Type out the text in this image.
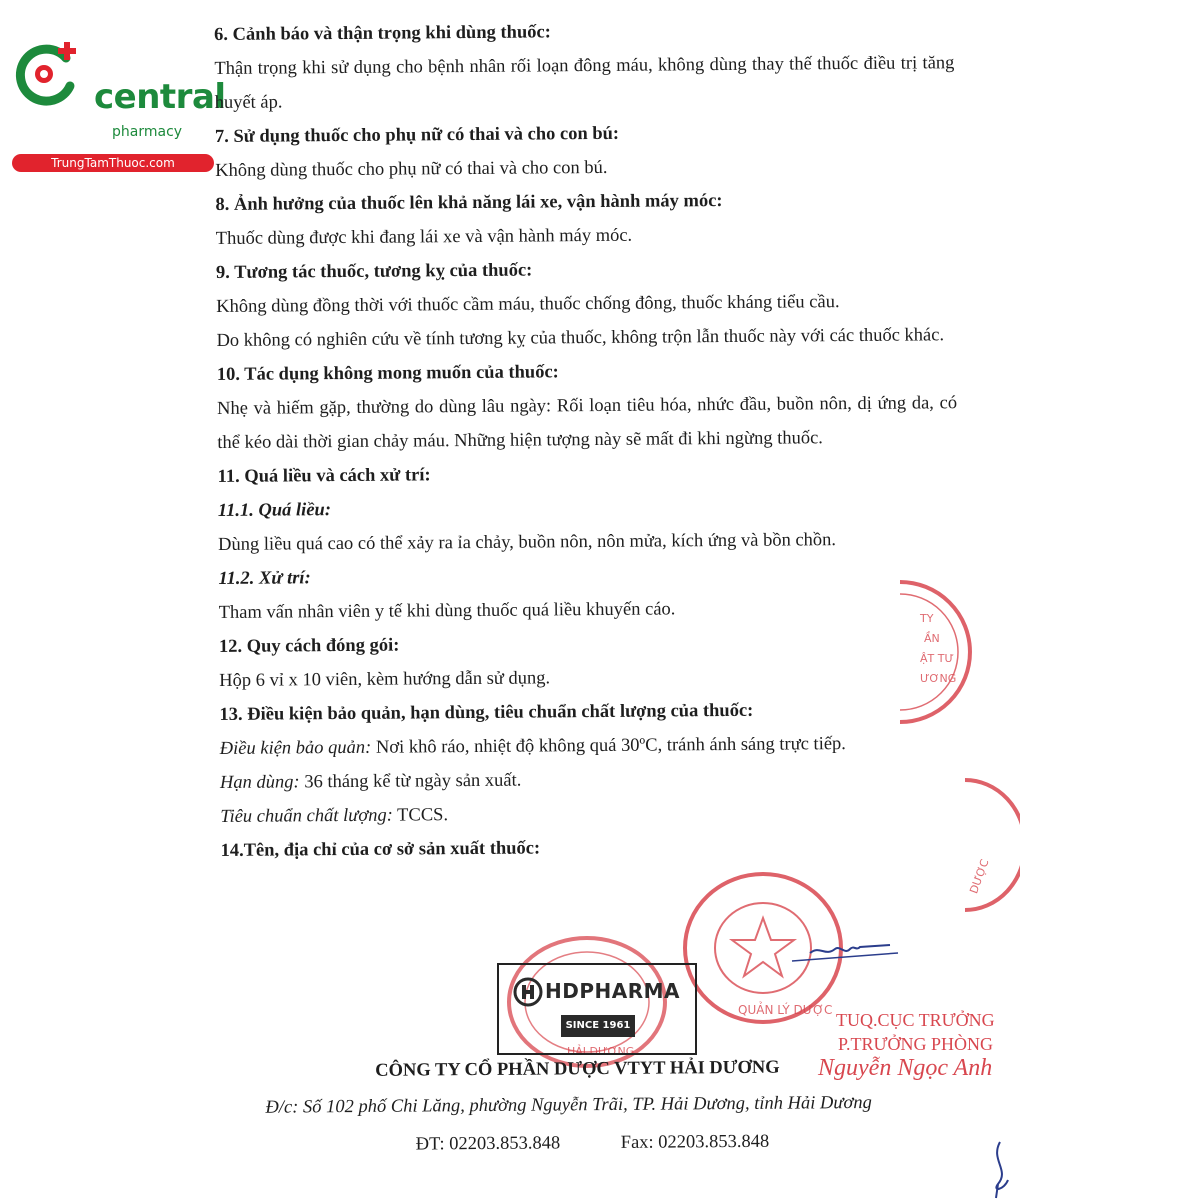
central
pharmacy
TrungTamThuoc.com

6. Cảnh báo và thận trọng khi dùng thuốc:

Thận trọng khi sử dụng cho bệnh nhân rối loạn đông máu, không dùng thay thế thuốc điều trị tăng huyết áp.

7. Sử dụng thuốc cho phụ nữ có thai và cho con bú:

Không dùng thuốc cho phụ nữ có thai và cho con bú.

8. Ảnh hưởng của thuốc lên khả năng lái xe, vận hành máy móc:

Thuốc dùng được khi đang lái xe và vận hành máy móc.

9. Tương tác thuốc, tương kỵ của thuốc:

Không dùng đồng thời với thuốc cầm máu, thuốc chống đông, thuốc kháng tiểu cầu.

Do không có nghiên cứu về tính tương kỵ của thuốc, không trộn lẫn thuốc này với các thuốc khác.

10. Tác dụng không mong muốn của thuốc:

Nhẹ và hiếm gặp, thường do dùng lâu ngày: Rối loạn tiêu hóa, nhức đầu, buồn nôn, dị ứng da, có thể kéo dài thời gian chảy máu. Những hiện tượng này sẽ mất đi khi ngừng thuốc.

11. Quá liều và cách xử trí:

11.1. Quá liều:

Dùng liều quá cao có thể xảy ra ỉa chảy, buồn nôn, nôn mửa, kích ứng và bồn chồn.

11.2. Xử trí:

Tham vấn nhân viên y tế khi dùng thuốc quá liều khuyến cáo.

12. Quy cách đóng gói:

Hộp 6 vỉ x 10 viên, kèm hướng dẫn sử dụng.

13. Điều kiện bảo quản, hạn dùng, tiêu chuẩn chất lượng của thuốc:

Điều kiện bảo quản: Nơi khô ráo, nhiệt độ không quá 30ºC, tránh ánh sáng trực tiếp.

Hạn dùng: 36 tháng kể từ ngày sản xuất.

Tiêu chuẩn chất lượng: TCCS.

14.Tên, địa chỉ của cơ sở sản xuất thuốc:

TY
ẦN
ẬT TƯ
ƯƠNG
DƯỢC
QUẢN LÝ DƯỢC
HẢI DƯƠNG
HDPHARMA
SINCE 1961	TUQ.CỤC TRƯỞNG
P.TRƯỞNG PHÒNG
Nguyễn Ngọc Anh
CÔNG TY CỔ PHẦN DƯỢC VTYT HẢI DƯƠNG
Đ/c: Số 102 phố Chi Lăng, phường Nguyễn Trãi, TP. Hải Dương, tỉnh Hải Dương
ĐT: 02203.853.848	Fax: 02203.853.848
